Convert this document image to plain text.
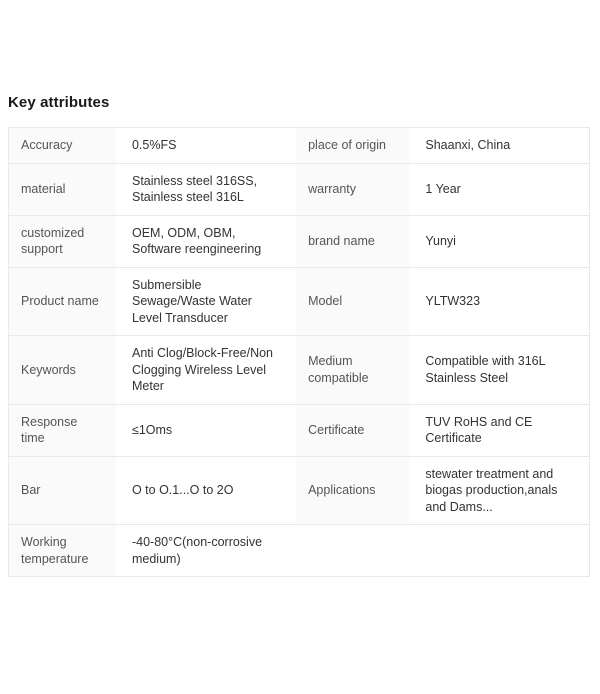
Key attributes
Accuracy	0.5%FS	place of origin	Shaanxi, China
material	Stainless steel 316SS, Stainless steel 316L	warranty	1 Year
customized support	OEM, ODM, OBM, Software reengineering	brand name	Yunyi
Product name	Submersible Sewage/Waste Water Level Transducer	Model	YLTW323
Keywords	Anti Clog/Block-Free/Non Clogging Wireless Level Meter	Medium compatible	Compatible with 316L Stainless Steel
Response time	≤1Oms	Certificate	TUV RoHS and CE Certificate
Bar	O to O.1...O to 2O	Applications	stewater treatment and biogas production,anals and Dams...
Working temperature	-40-80°C(non-corrosive medium)		
